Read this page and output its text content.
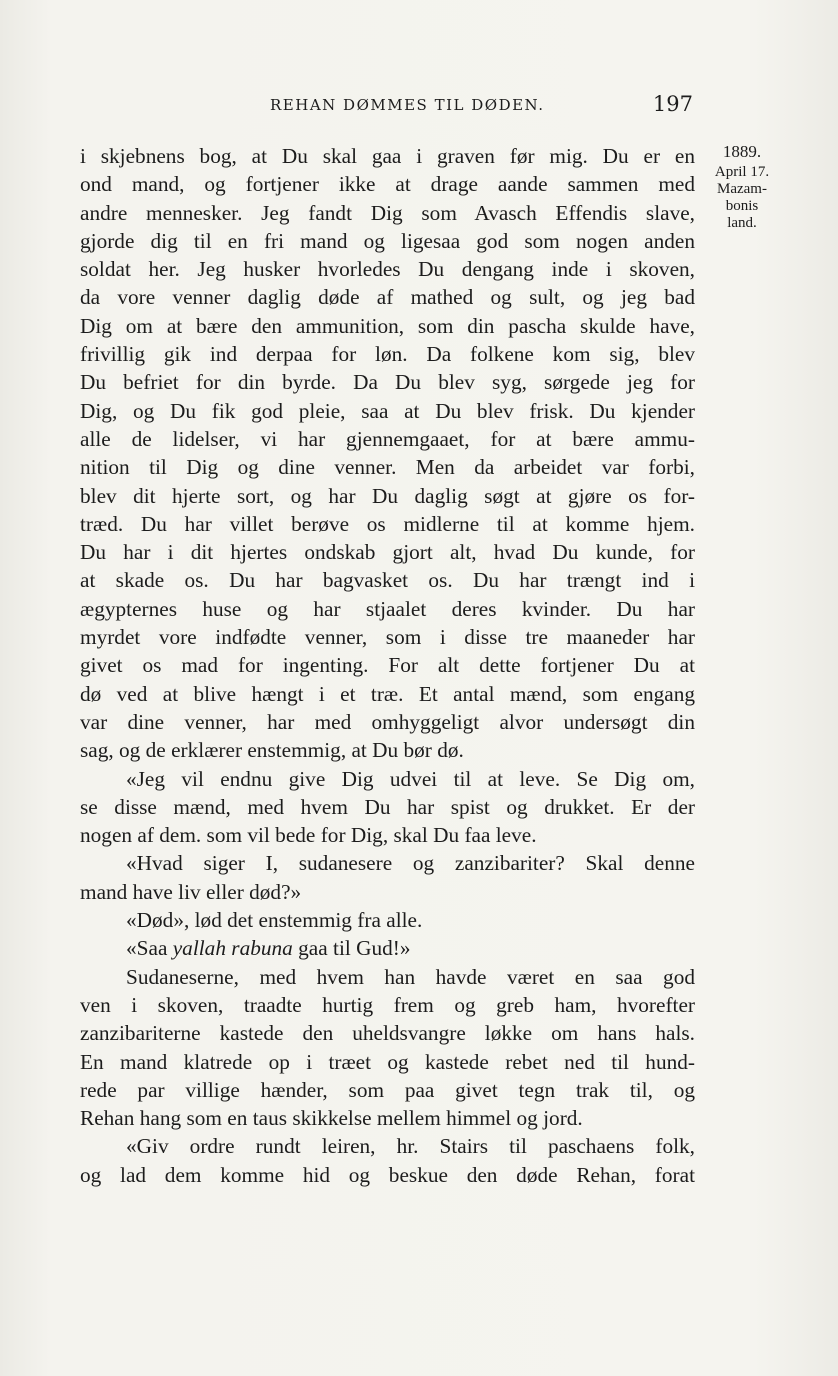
REHAN DØMMES TIL DØDEN.	197
1889.
April 17.
Mazam-
bonis
land.
i skjebnens bog, at Du skal gaa i graven før mig. Du er en
ond mand, og fortjener ikke at drage aande sammen med
andre mennesker. Jeg fandt Dig som Avasch Effendis slave,
gjorde dig til en fri mand og ligesaa god som nogen anden
soldat her. Jeg husker hvorledes Du dengang inde i skoven,
da vore venner daglig døde af mathed og sult, og jeg bad
Dig om at bære den ammunition, som din pascha skulde have,
frivillig gik ind derpaa for løn. Da folkene kom sig, blev
Du befriet for din byrde. Da Du blev syg, sørgede jeg for
Dig, og Du fik god pleie, saa at Du blev frisk. Du kjender
alle de lidelser, vi har gjennemgaaet, for at bære ammu-
nition til Dig og dine venner. Men da arbeidet var forbi,
blev dit hjerte sort, og har Du daglig søgt at gjøre os for-
træd. Du har villet berøve os midlerne til at komme hjem.
Du har i dit hjertes ondskab gjort alt, hvad Du kunde, for
at skade os. Du har bagvasket os. Du har trængt ind i
ægypternes huse og har stjaalet deres kvinder. Du har
myrdet vore indfødte venner, som i disse tre maaneder har
givet os mad for ingenting. For alt dette fortjener Du at
dø ved at blive hængt i et træ. Et antal mænd, som engang
var dine venner, har med omhyggeligt alvor undersøgt din
sag, og de erklærer enstemmig, at Du bør dø.
«Jeg vil endnu give Dig udvei til at leve. Se Dig om,
se disse mænd, med hvem Du har spist og drukket. Er der
nogen af dem. som vil bede for Dig, skal Du faa leve.
«Hvad siger I, sudanesere og zanzibariter? Skal denne
mand have liv eller død?»
«Død», lød det enstemmig fra alle.
«Saa yallah rabuna gaa til Gud!»
Sudaneserne, med hvem han havde været en saa god
ven i skoven, traadte hurtig frem og greb ham, hvorefter
zanzibariterne kastede den uheldsvangre løkke om hans hals.
En mand klatrede op i træet og kastede rebet ned til hund-
rede par villige hænder, som paa givet tegn trak til, og
Rehan hang som en taus skikkelse mellem himmel og jord.
«Giv ordre rundt leiren, hr. Stairs til paschaens folk,
og lad dem komme hid og beskue den døde Rehan, forat
